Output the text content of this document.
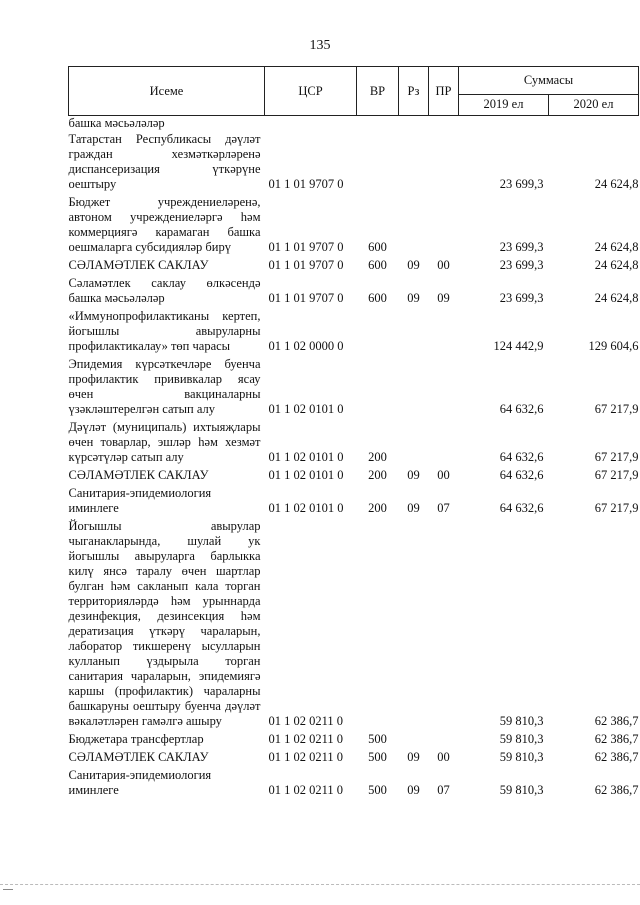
135
Исеме	ЦСР	ВР	Рз	ПР	Суммасы	
					2019 ел	2020 ел
башка мәсьәләләр						
Татарстан Республикасы дәүләт граждан хезмәткәрләренә диспансеризация үткәрүне оештыру	01 1 01 9707 0				23 699,3	24 624,8
Бюджет учреждениеләренә, автоном учреждениеләргә һәм коммерциягә карамаган башка оешмаларга субсидияләр бирү	01 1 01 9707 0	600			23 699,3	24 624,8
СӘЛАМӘТЛЕК САКЛАУ	01 1 01 9707 0	600	09	00	23 699,3	24 624,8
Сәламәтлек саклау өлкәсендә башка мәсьәләләр	01 1 01 9707 0	600	09	09	23 699,3	24 624,8
«Иммунопрофилактиканы кертеп, йогышлы авыруларны профилактикалау» төп чарасы	01 1 02 0000 0				124 442,9	129 604,6
Эпидемия күрсәткечләре буенча профилактик прививкалар ясау өчен вакциналарны үзәкләштерелгән сатып алу	01 1 02 0101 0				64 632,6	67 217,9
Дәүләт (муниципаль) ихтыяҗлары өчен товарлар, эшләр һәм хезмәт күрсәтүләр сатып алу	01 1 02 0101 0	200			64 632,6	67 217,9
СӘЛАМӘТЛЕК САКЛАУ	01 1 02 0101 0	200	09	00	64 632,6	67 217,9
Санитария-эпидемиология иминлеге	01 1 02 0101 0	200	09	07	64 632,6	67 217,9
Йогышлы авырулар чыганакларында, шулай ук йогышлы авыруларга барлыкка килү янсә таралу өчен шартлар булган һәм сакланып кала торган территорияләрдә һәм урыннарда дезинфекция, дезинсекция һәм дератизация үткәрү чараларын, лаборатор тикшеренү ысулларын кулланып үздырыла торган санитария чараларын, эпидемиягә каршы (профилактик) чараларны башкаруны оештыру буенча дәүләт вәкаләтләрен гамәлгә ашыру	01 1 02 0211 0				59 810,3	62 386,7
Бюджетара трансфертлар	01 1 02 0211 0	500			59 810,3	62 386,7
СӘЛАМӘТЛЕК САКЛАУ	01 1 02 0211 0	500	09	00	59 810,3	62 386,7
Санитария-эпидемиология иминлеге	01 1 02 0211 0	500	09	07	59 810,3	62 386,7
